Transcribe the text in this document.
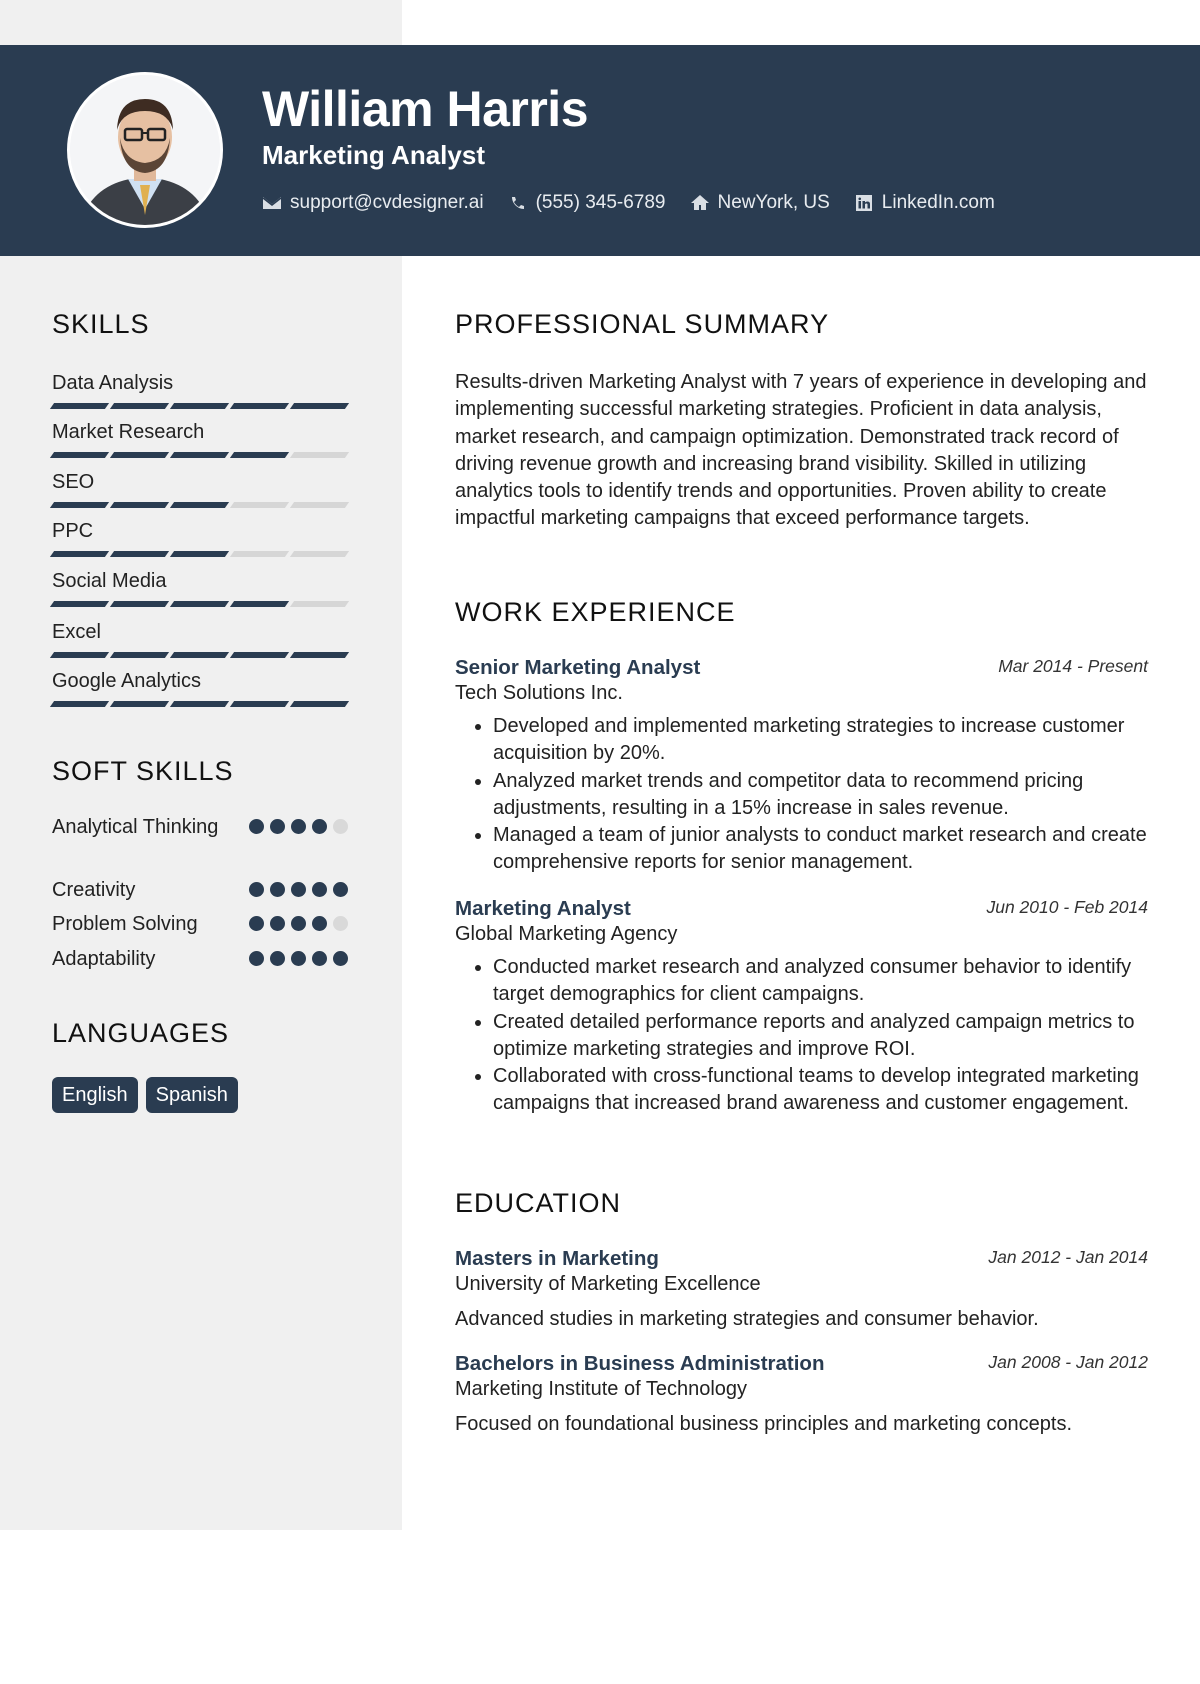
William Harris
Marketing Analyst
support@cvdesigner.ai	(555) 345-6789	NewYork, US	LinkedIn.com
SKILLS
Data Analysis
Market Research
SEO
PPC
Social Media
Excel
Google Analytics
SOFT SKILLS
Analytical Thinking
Creativity
Problem Solving
Adaptability
LANGUAGES
English	Spanish
PROFESSIONAL SUMMARY

Results-driven Marketing Analyst with 7 years of experience in developing and implementing successful marketing strategies. Proficient in data analysis, market research, and campaign optimization. Demonstrated track record of driving revenue growth and increasing brand visibility. Skilled in utilizing analytics tools to identify trends and opportunities. Proven ability to create impactful marketing campaigns that exceed performance targets.

WORK EXPERIENCE
Senior Marketing Analyst	Mar 2014 - Present
Tech Solutions Inc.
• Developed and implemented marketing strategies to increase customer acquisition by 20%.
• Analyzed market trends and competitor data to recommend pricing adjustments, resulting in a 15% increase in sales revenue.
• Managed a team of junior analysts to conduct market research and create comprehensive reports for senior management.
Marketing Analyst	Jun 2010 - Feb 2014
Global Marketing Agency
• Conducted market research and analyzed consumer behavior to identify target demographics for client campaigns.
• Created detailed performance reports and analyzed campaign metrics to optimize marketing strategies and improve ROI.
• Collaborated with cross-functional teams to develop integrated marketing campaigns that increased brand awareness and customer engagement.
EDUCATION
Masters in Marketing	Jan 2012 - Jan 2014
University of Marketing Excellence
Advanced studies in marketing strategies and consumer behavior.
Bachelors in Business Administration	Jan 2008 - Jan 2012
Marketing Institute of Technology
Focused on foundational business principles and marketing concepts.
